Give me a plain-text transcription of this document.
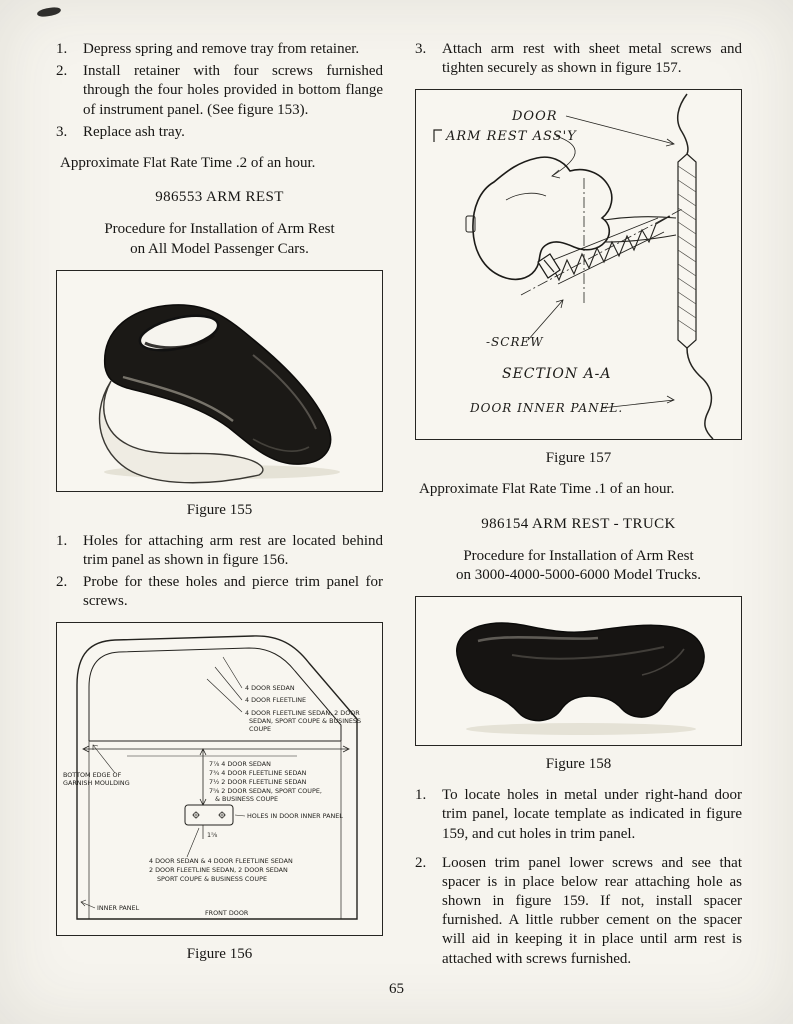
1.	Depress spring and remove tray from retainer.
2.	Install retainer with four screws furnished through the four holes provided in bottom flange of instrument panel. (See figure 153).
3.	Replace ash tray.
Approximate Flat Rate Time .2 of an hour.
986553 ARM REST
Procedure for Installation of Arm Rest
on All Model Passenger Cars.
Figure 155
1.	Holes for attaching arm rest are located behind trim panel as shown in figure 156.
2.	Probe for these holes and pierce trim panel for screws.
4 DOOR SEDAN
4 DOOR FLEETLINE
4 DOOR FLEETLINE SEDAN, 2 DOOR
SEDAN, SPORT COUPE & BUSINESS
COUPE
BOTTOM EDGE OF
GARNISH MOULDING
7⅞ 4 DOOR SEDAN
7¾ 4 DOOR FLEETLINE SEDAN
7½ 2 DOOR FLEETLINE SEDAN
7⅝ 2 DOOR SEDAN, SPORT COUPE,
& BUSINESS COUPE
HOLES IN DOOR INNER PANEL
1⅝
4 DOOR SEDAN & 4 DOOR FLEETLINE SEDAN
2 DOOR FLEETLINE SEDAN, 2 DOOR SEDAN
SPORT COUPE & BUSINESS COUPE
INNER PANEL
FRONT DOOR
Figure 156
3.	Attach arm rest with sheet metal screws and tighten securely as shown in figure 157.
DOOR
ARM REST ASS'Y
-SCREW
SECTION A-A
DOOR INNER PANEL.
Figure 157
Approximate Flat Rate Time .1 of an hour.
986154 ARM REST - TRUCK
Procedure for Installation of Arm Rest
on 3000-4000-5000-6000 Model Trucks.
Figure 158
1.	To locate holes in metal under right-hand door trim panel, locate template as indicated in figure 159, and cut holes in trim panel.
2.	Loosen trim panel lower screws and see that spacer is in place below rear attaching hole as shown in figure 159. If not, install spacer furnished. A little rubber cement on the spacer will aid in keeping it in place until arm rest is attached with screws furnished.
65
